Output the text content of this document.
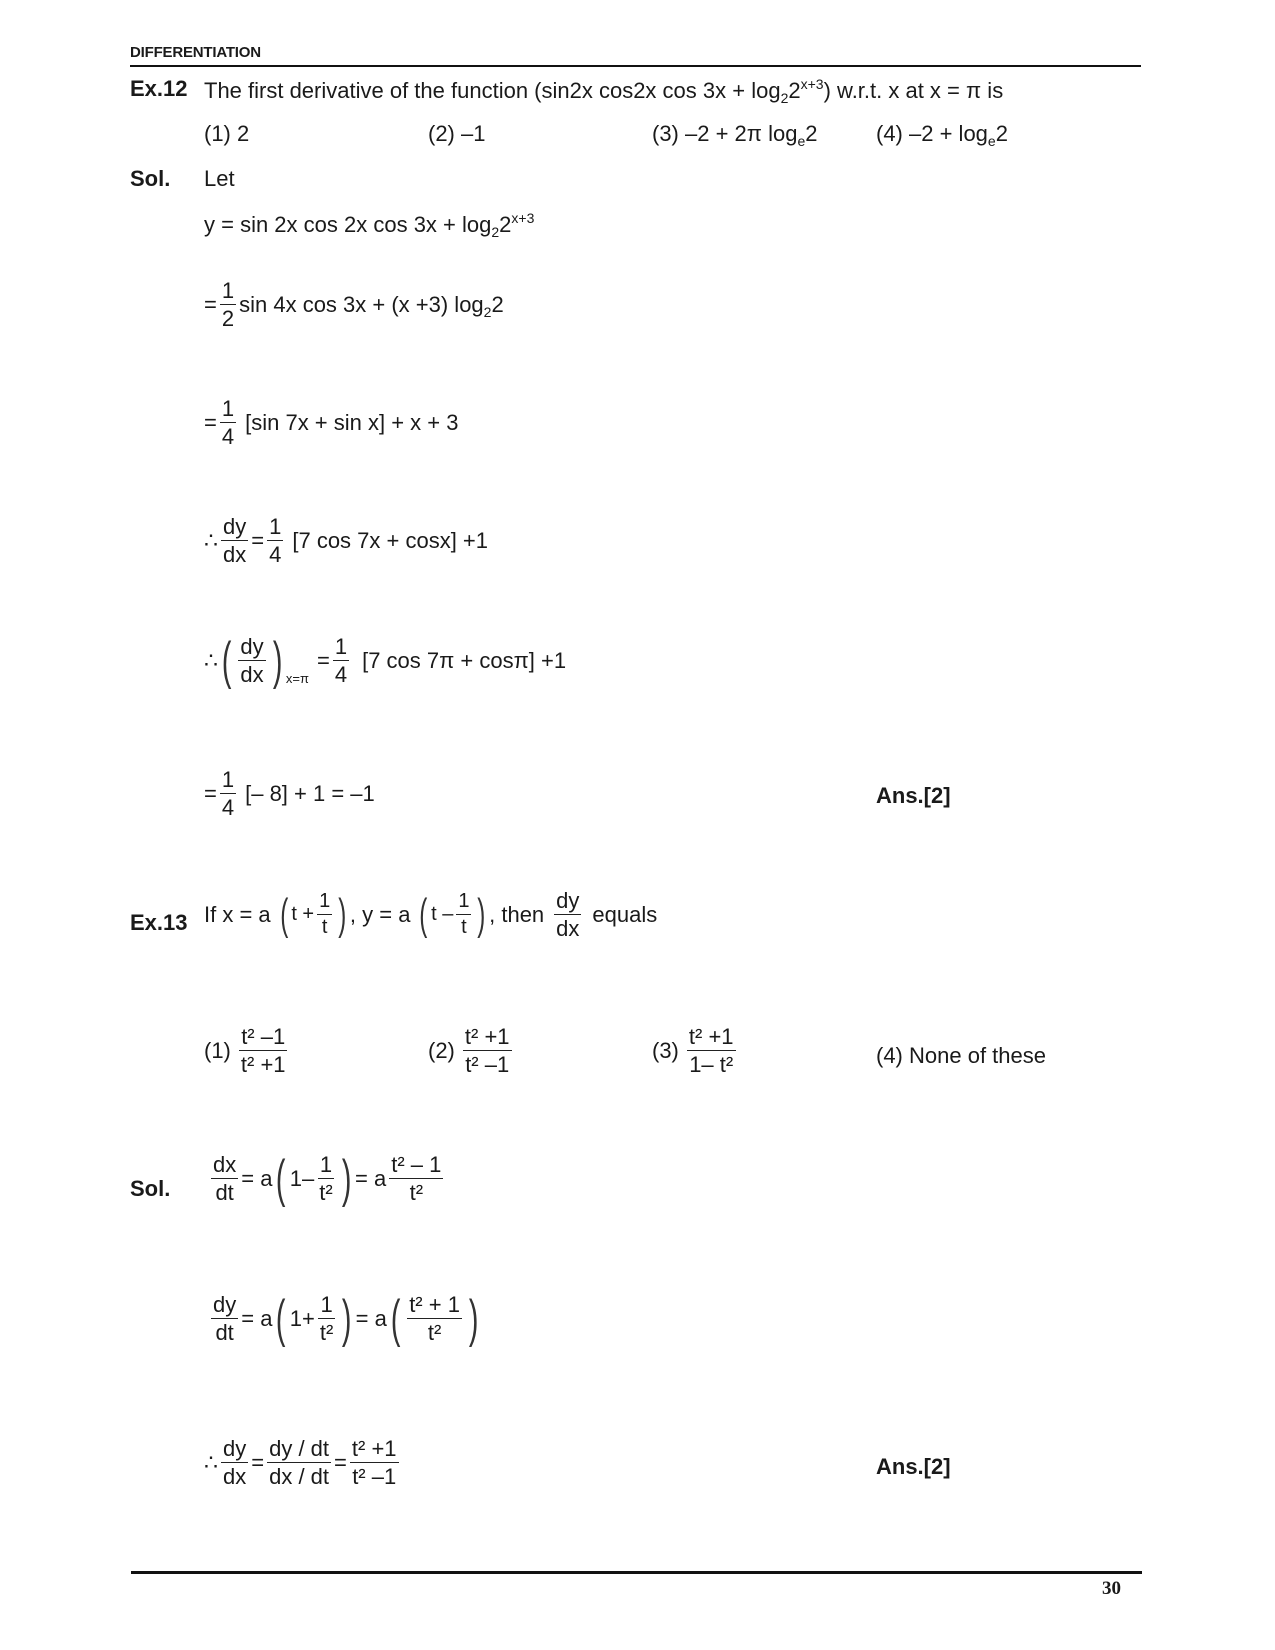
DIFFERENTIATION
Ex.12 The first derivative of the function (sin2x cos2x $\cos 3x + \log_22^{x+3}$) w.r.t. x at x = π is
(1) 2	(2) –1	(3) –2 + 2π $\log_e2$	(4) $-2 + \log_e2$
Sol. Let
y = sin 2x cos 2x $\cos 3x + \log_22^{x+3}$
= $\frac{1}{2}$ sin 4x cos 3x + (x +3) $\log_2 2$
= $\frac{1}{4} [\sin$ 7x + sin x] + x + 3
∴ $\frac{dy}{dx} = \frac{1}{4} [7$ cos 7x + cosx] +1
∴ ( $\frac{dy}{dx}$ ) x=π
= $\frac{1}{4} [7$ cos 7π + cosπ] +1
= $\frac{1}{4}$ [– 8] + 1 = –1	Ans.[2]
Ex.13 If x = a ( $t + \frac{1}{t}$ ) , y = a ( t – $\frac{1}{t}$ ) , then $\frac{dy}{dx}$ equals
$(1) \frac{\text{t² –1}}{\text{t² +1}}$	$(2) \frac{\text{t² +1}}{\text{t² –1}}$	$(3) \frac{\text{t² +1}}{\text{1– t²}}$	(4) None of these
Sol. $\frac{dx}{dt} = a$ ( $1- \frac{1}{\text{t²}}$ ) = a $\frac{\text{t² – 1}}{\text{t²}}$
$\frac{dy}{dt} = a$ ( $1+ \frac{1}{\text{t²}}$ ) = a ( $\frac{\text{t² + 1}}{\text{t²}}$ )
∴ $\frac{dy}{dx} = \frac{dy / dt}{dx / dt} = \frac{\text{t² +1}}{\text{t² –1}}$	Ans.[2]
30
